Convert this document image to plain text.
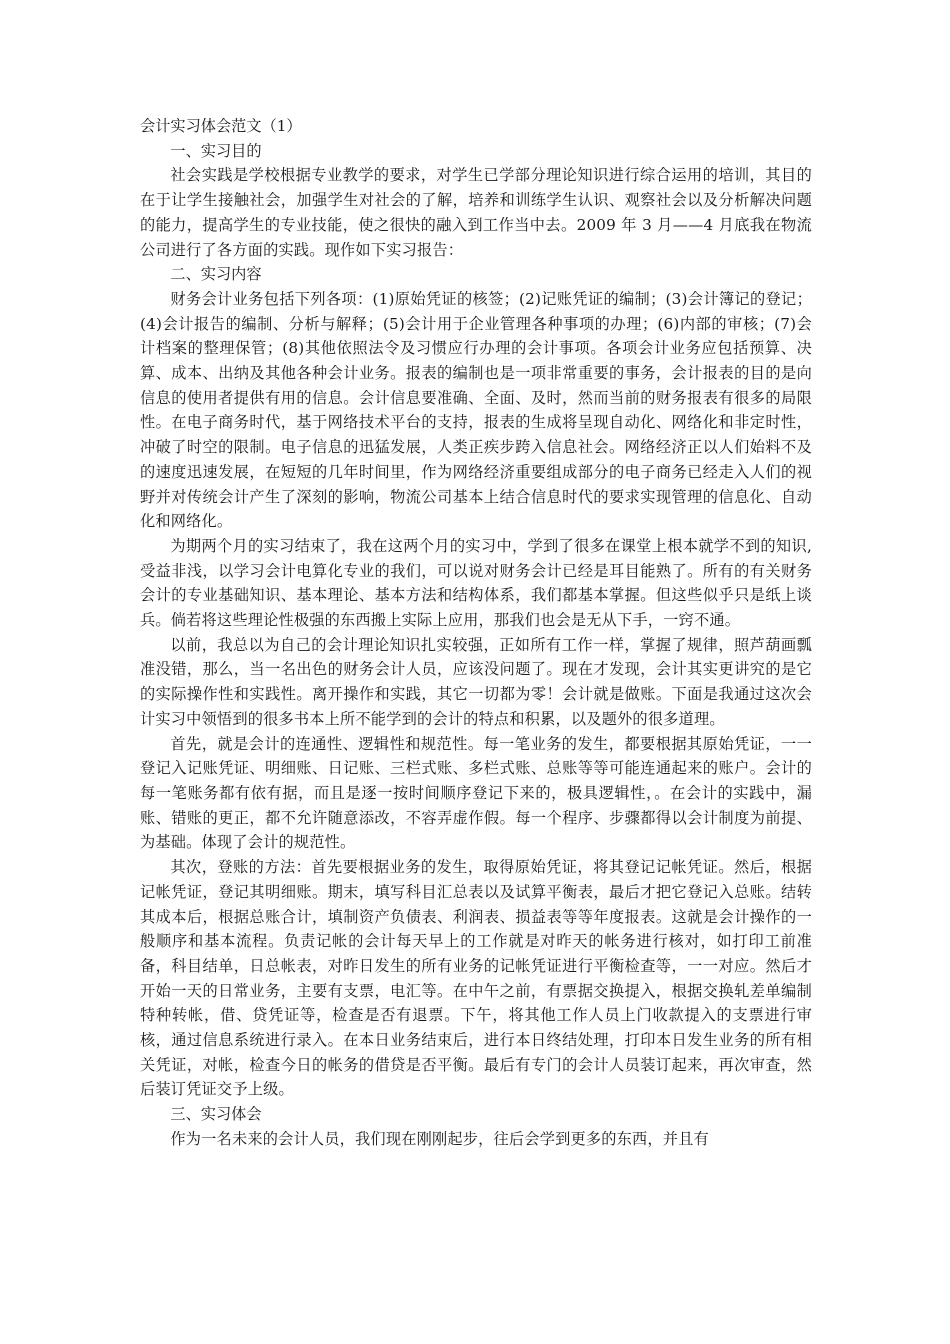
会计实习体会范文（1）

一、实习目的

社会实践是学校根据专业教学的要求，对学生已学部分理论知识进行综合运用的培训，其目的在于让学生接触社会，加强学生对社会的了解，培养和训练学生认识、观察社会以及分析解决问题的能力，提高学生的专业技能，使之很快的融入到工作当中去。2009 年 3 月——4 月底我在物流公司进行了各方面的实践。现作如下实习报告：

二、实习内容

财务会计业务包括下列各项：(1)原始凭证的核签；(2)记账凭证的编制；(3)会计簿记的登记；(4)会计报告的编制、分析与解释；(5)会计用于企业管理各种事项的办理；(6)内部的审核；(7)会计档案的整理保管；(8)其他依照法令及习惯应行办理的会计事项。各项会计业务应包括预算、决算、成本、出纳及其他各种会计业务。报表的编制也是一项非常重要的事务，会计报表的目的是向信息的使用者提供有用的信息。会计信息要准确、全面、及时，然而当前的财务报表有很多的局限性。在电子商务时代，基于网络技术平台的支持，报表的生成将呈现自动化、网络化和非定时性，冲破了时空的限制。电子信息的迅猛发展，人类正疾步跨入信息社会。网络经济正以人们始料不及的速度迅速发展，在短短的几年时间里，作为网络经济重要组成部分的电子商务已经走入人们的视野并对传统会计产生了深刻的影响，物流公司基本上结合信息时代的要求实现管理的信息化、自动化和网络化。

为期两个月的实习结束了，我在这两个月的实习中，学到了很多在课堂上根本就学不到的知识,受益非浅，以学习会计电算化专业的我们，可以说对财务会计已经是耳目能熟了。所有的有关财务会计的专业基础知识、基本理论、基本方法和结构体系，我们都基本掌握。但这些似乎只是纸上谈兵。倘若将这些理论性极强的东西搬上实际上应用，那我们也会是无从下手，一窍不通。

以前，我总以为自己的会计理论知识扎实较强，正如所有工作一样，掌握了规律，照芦葫画瓢准没错，那么，当一名出色的财务会计人员，应该没问题了。现在才发现，会计其实更讲究的是它的实际操作性和实践性。离开操作和实践，其它一切都为零！会计就是做账。下面是我通过这次会计实习中领悟到的很多书本上所不能学到的会计的特点和积累，以及题外的很多道理。

首先，就是会计的连通性、逻辑性和规范性。每一笔业务的发生，都要根据其原始凭证，一一登记入记账凭证、明细账、日记账、三栏式账、多栏式账、总账等等可能连通起来的账户。会计的每一笔账务都有依有据，而且是逐一按时间顺序登记下来的，极具逻辑性，。在会计的实践中，漏账、错账的更正，都不允许随意添改，不容弄虚作假。每一个程序、步骤都得以会计制度为前提、为基础。体现了会计的规范性。

其次，登账的方法：首先要根据业务的发生，取得原始凭证，将其登记记帐凭证。然后，根据记帐凭证，登记其明细账。期末，填写科目汇总表以及试算平衡表，最后才把它登记入总账。结转其成本后，根据总账合计，填制资产负债表、利润表、损益表等等年度报表。这就是会计操作的一般顺序和基本流程。负责记帐的会计每天早上的工作就是对昨天的帐务进行核对，如打印工前准备，科目结单，日总帐表，对昨日发生的所有业务的记帐凭证进行平衡检查等，一一对应。然后才开始一天的日常业务，主要有支票，电汇等。在中午之前，有票据交换提入，根据交换轧差单编制特种转帐，借、贷凭证等，检查是否有退票。下午，将其他工作人员上门收款提入的支票进行审核，通过信息系统进行录入。在本日业务结束后，进行本日终结处理，打印本日发生业务的所有相关凭证，对帐，检查今日的帐务的借贷是否平衡。最后有专门的会计人员装订起来，再次审查，然后装订凭证交予上级。

三、实习体会

作为一名未来的会计人员，我们现在刚刚起步，往后会学到更多的东西，并且有
